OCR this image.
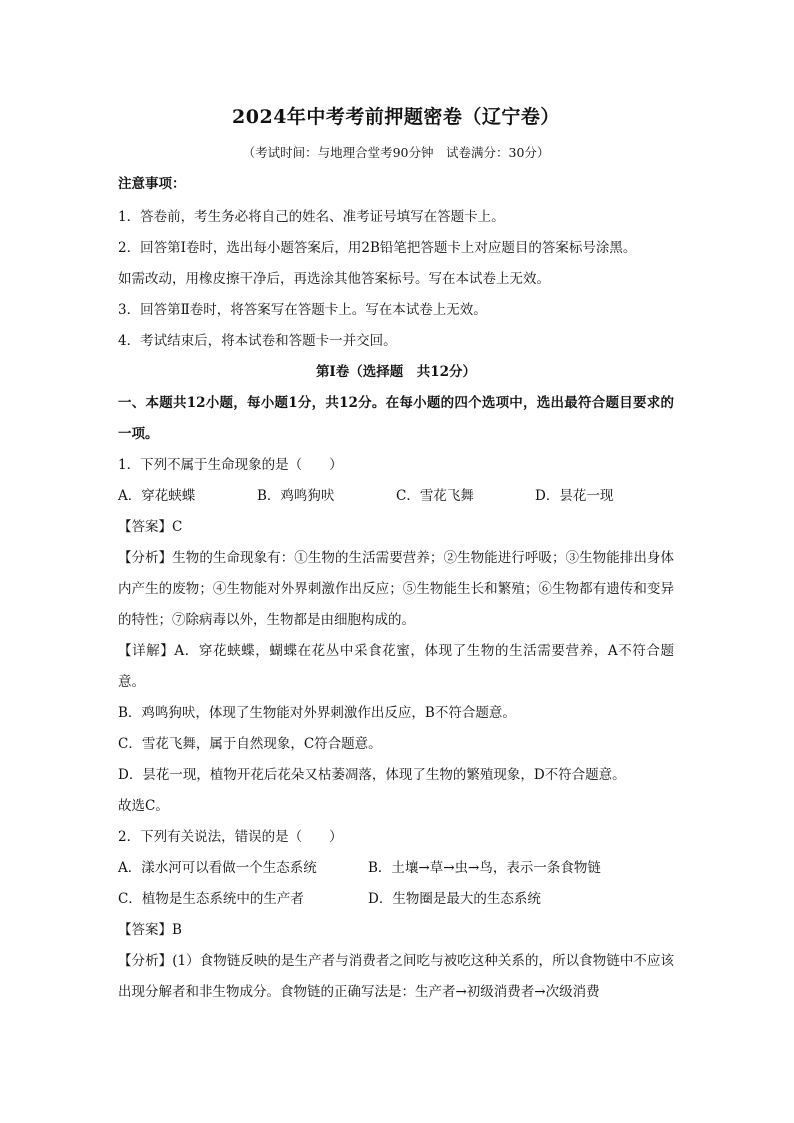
2024年中考考前押题密卷（辽宁卷）
（考试时间：与地理合堂考90分钟　试卷满分：30分）
注意事项：

1．答卷前，考生务必将自己的姓名、准考证号填写在答题卡上。

2．回答第Ⅰ卷时，选出每小题答案后，用2B铅笔把答题卡上对应题目的答案标号涂黑。

如需改动，用橡皮擦干净后，再选涂其他答案标号。写在本试卷上无效。

3．回答第Ⅱ卷时，将答案写在答题卡上。写在本试卷上无效。

4．考试结束后，将本试卷和答题卡一并交回。

第Ⅰ卷（选择题　共12分）

一、本题共12小题，每小题1分，共12分。在每小题的四个选项中，选出最符合题目要求的一项。

1．下列不属于生命现象的是（　　）

A．穿花蛱蝶	B．鸡鸣狗吠	C．雪花飞舞	D．昙花一现

【答案】C

【分析】生物的生命现象有：①生物的生活需要营养；②生物能进行呼吸；③生物能排出身体内产生的废物；④生物能对外界刺激作出反应；⑤生物能生长和繁殖；⑥生物都有遗传和变异的特性；⑦除病毒以外，生物都是由细胞构成的。

【详解】A．穿花蛱蝶，蝴蝶在花丛中采食花蜜，体现了生物的生活需要营养，A不符合题意。

B．鸡鸣狗吠，体现了生物能对外界刺激作出反应，B不符合题意。

C．雪花飞舞，属于自然现象，C符合题意。

D．昙花一现，植物开花后花朵又枯萎凋落，体现了生物的繁殖现象，D不符合题意。

故选C。

2．下列有关说法，错误的是（　　）

A．漾水河可以看做一个生态系统	B．土壤→草→虫→鸟，表示一条食物链
C．植物是生态系统中的生产者	D．生物圈是最大的生态系统

【答案】B

【分析】(1）食物链反映的是生产者与消费者之间吃与被吃这种关系的，所以食物链中不应该出现分解者和非生物成分。食物链的正确写法是：生产者→初级消费者→次级消费
